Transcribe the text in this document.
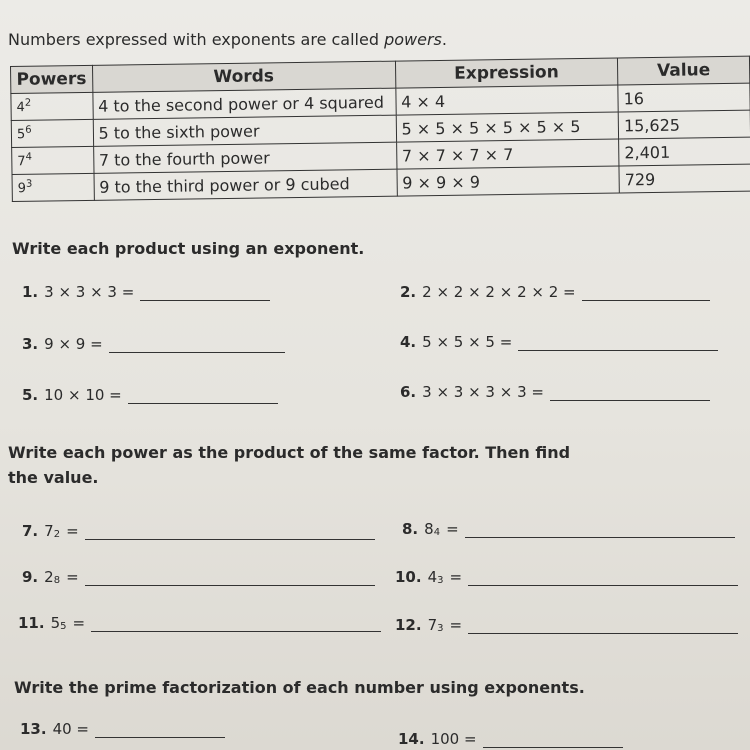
Numbers expressed with exponents are called powers.
Powers	Words	Expression	Value
$4^2$	4 to the second power or 4 squared	4 × 4	16
$5^6$	5 to the sixth power	5 × 5 × 5 × 5 × 5 × 5	15,625
$7^4$	7 to the fourth power	7 × 7 × 7 × 7	2,401
$9^3$	9 to the third power or 9 cubed	9 × 9 × 9	729
Write each product using an exponent.
1. 3 × 3 × 3 =	2. 2 × 2 × 2 × 2 × 2 =
3. 9 × 9 =	4. 5 × 5 × 5 =
5. 10 × 10 =	6. 3 × 3 × 3 × 3 =
Write each power as the product of the same factor. Then find
the value.
7. $7_2$ =	8. $8_4$ =
9. $2_8$ =	10. $4_3$ =
11. $5_5$ =	12. $7_3$ =
Write the prime factorization of each number using exponents.
13. 40 =
14. 100 =
